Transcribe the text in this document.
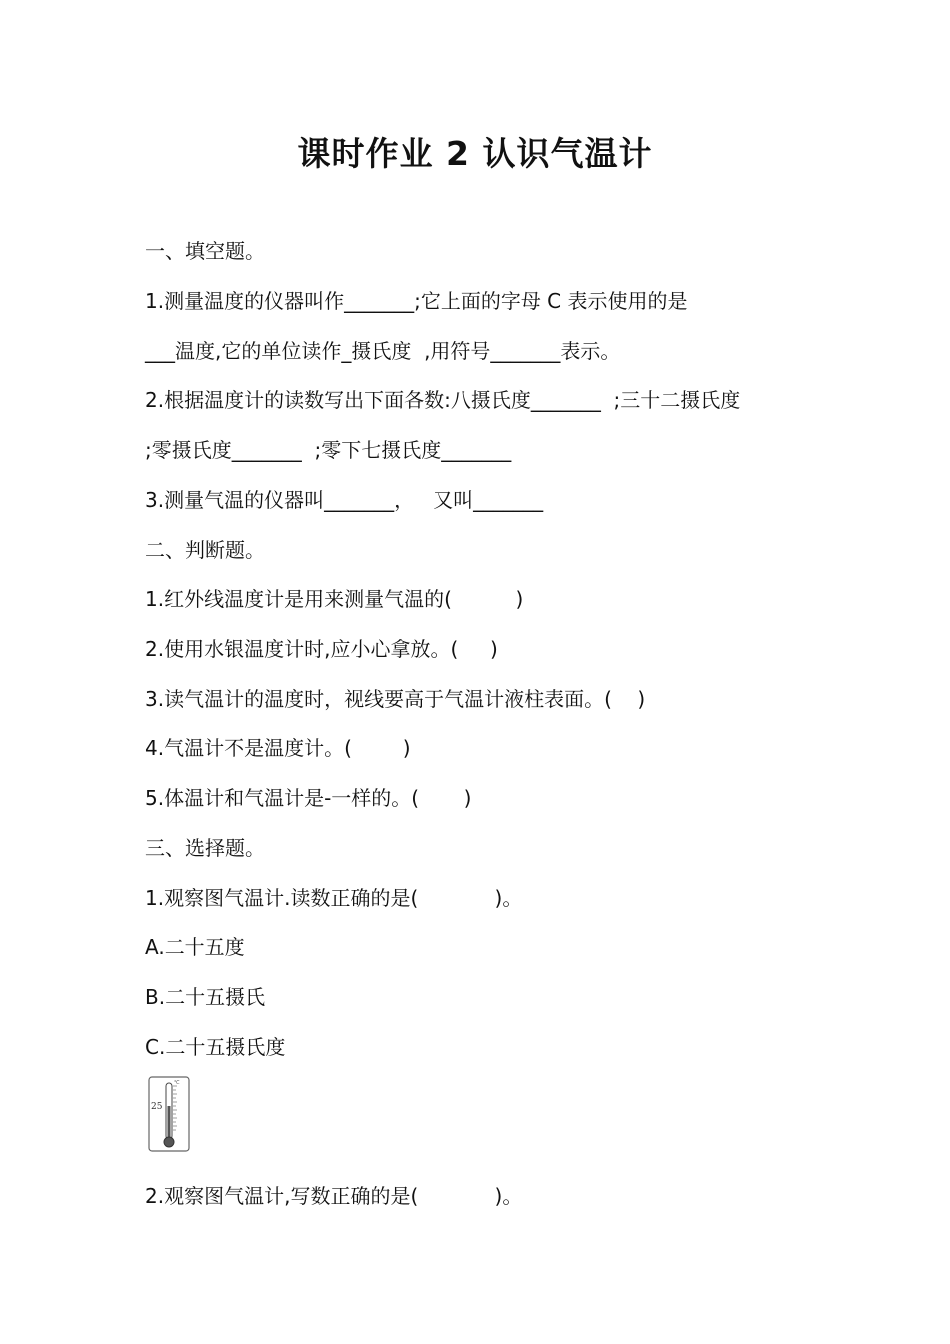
课时作业 2 认识气温计
一、填空题。
1.测量温度的仪器叫作_______;它上面的字母 C 表示使用的是
___温度,它的单位读作_摄氏度  ,用符号_______表示。
2.根据温度计的读数写出下面各数:八摄氏度_______  ;三十二摄氏度
;零摄氏度_______  ;零下七摄氏度_______
3.测量气温的仪器叫_______，   又叫_______
二、判断题。
1.红外线温度计是用来测量气温的(          )
2.使用水银温度计时,应小心拿放。(     )
3.读气温计的温度时，视线要高于气温计液柱表面。(    )
4.气温计不是温度计。(        )
5.体温计和气温计是-一样的。(       )
三、选择题。
1.观察图气温计.读数正确的是(            )。
A.二十五度
B.二十五摄氏
C.二十五摄氏度
25
℃
2.观察图气温计,写数正确的是(            )。
